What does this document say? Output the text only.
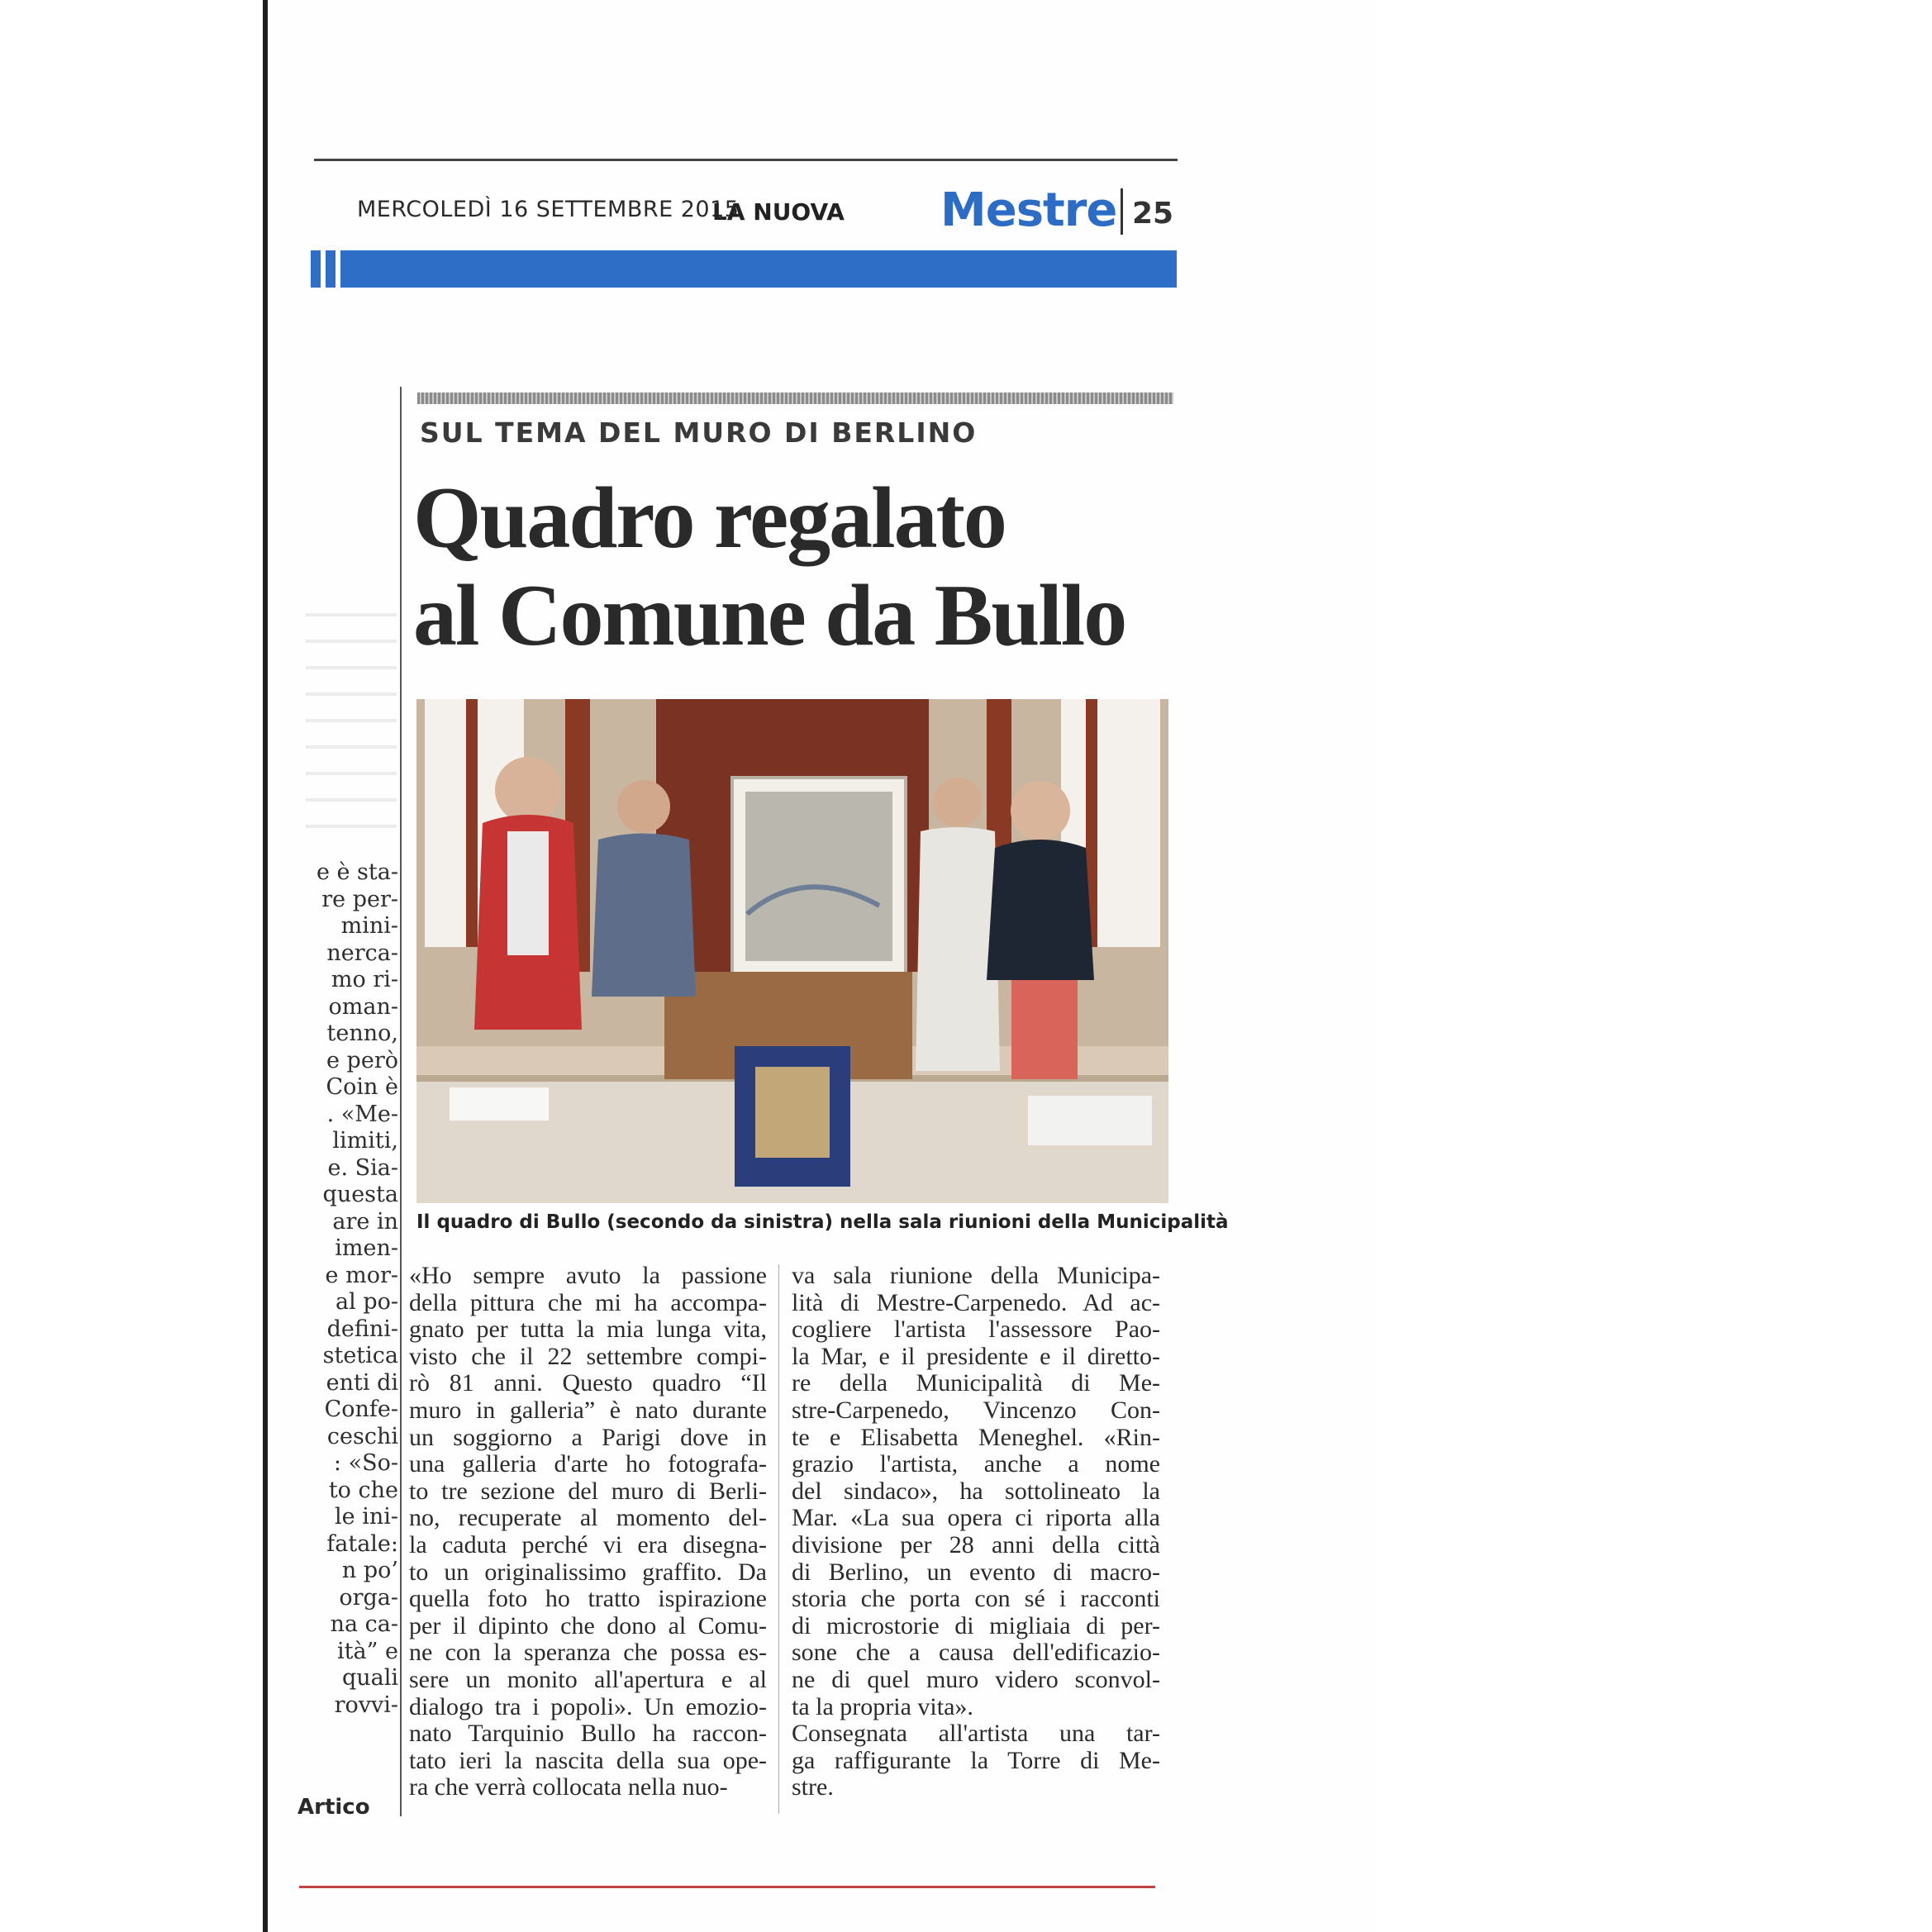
MERCOLEDÌ 16 SETTEMBRE 2015
LA NUOVA Mestre 25
e è sta-
re per-
mini-
nerca-
mo ri-
oman-
tenno,
e però
Coin è
. «Me-
limiti,
e. Sia-
questa
are in
imen-
e mor-
al po-
defini-
stetica
enti di
Confe-
ceschi
: «So-
to che
le ini-
fatale:
n po’
orga-
na ca-
ità” e
quali
rovvi-
Artico
SUL TEMA DEL MURO DI BERLINO
Quadro regalato
al Comune da Bullo
Il quadro di Bullo (secondo da sinistra) nella sala riunioni della Municipalità
«Ho sempre avuto la passione
della pittura che mi ha accompa-
gnato per tutta la mia lunga vita,
visto che il 22 settembre compi-
rò 81 anni. Questo quadro “Il
muro in galleria” è nato durante
un soggiorno a Parigi dove in
una galleria d'arte ho fotografa-
to tre sezione del muro di Berli-
no, recuperate al momento del-
la caduta perché vi era disegna-
to un originalissimo graffito. Da
quella foto ho tratto ispirazione
per il dipinto che dono al Comu-
ne con la speranza che possa es-
sere un monito all'apertura e al
dialogo tra i popoli». Un emozio-
nato Tarquinio Bullo ha raccon-
tato ieri la nascita della sua ope-
ra che verrà collocata nella nuo-
va sala riunione della Municipa-
lità di Mestre-Carpenedo. Ad ac-
cogliere l'artista l'assessore Pao-
la Mar, e il presidente e il diretto-
re della Municipalità di Me-
stre-Carpenedo, Vincenzo Con-
te e Elisabetta Meneghel. «Rin-
grazio l'artista, anche a nome
del sindaco», ha sottolineato la
Mar. «La sua opera ci riporta alla
divisione per 28 anni della città
di Berlino, un evento di macro-
storia che porta con sé i racconti
di microstorie di migliaia di per-
sone che a causa dell'edificazio-
ne di quel muro videro sconvol-
ta la propria vita».
Consegnata all'artista una tar-
ga raffigurante la Torre di Me-
stre.
